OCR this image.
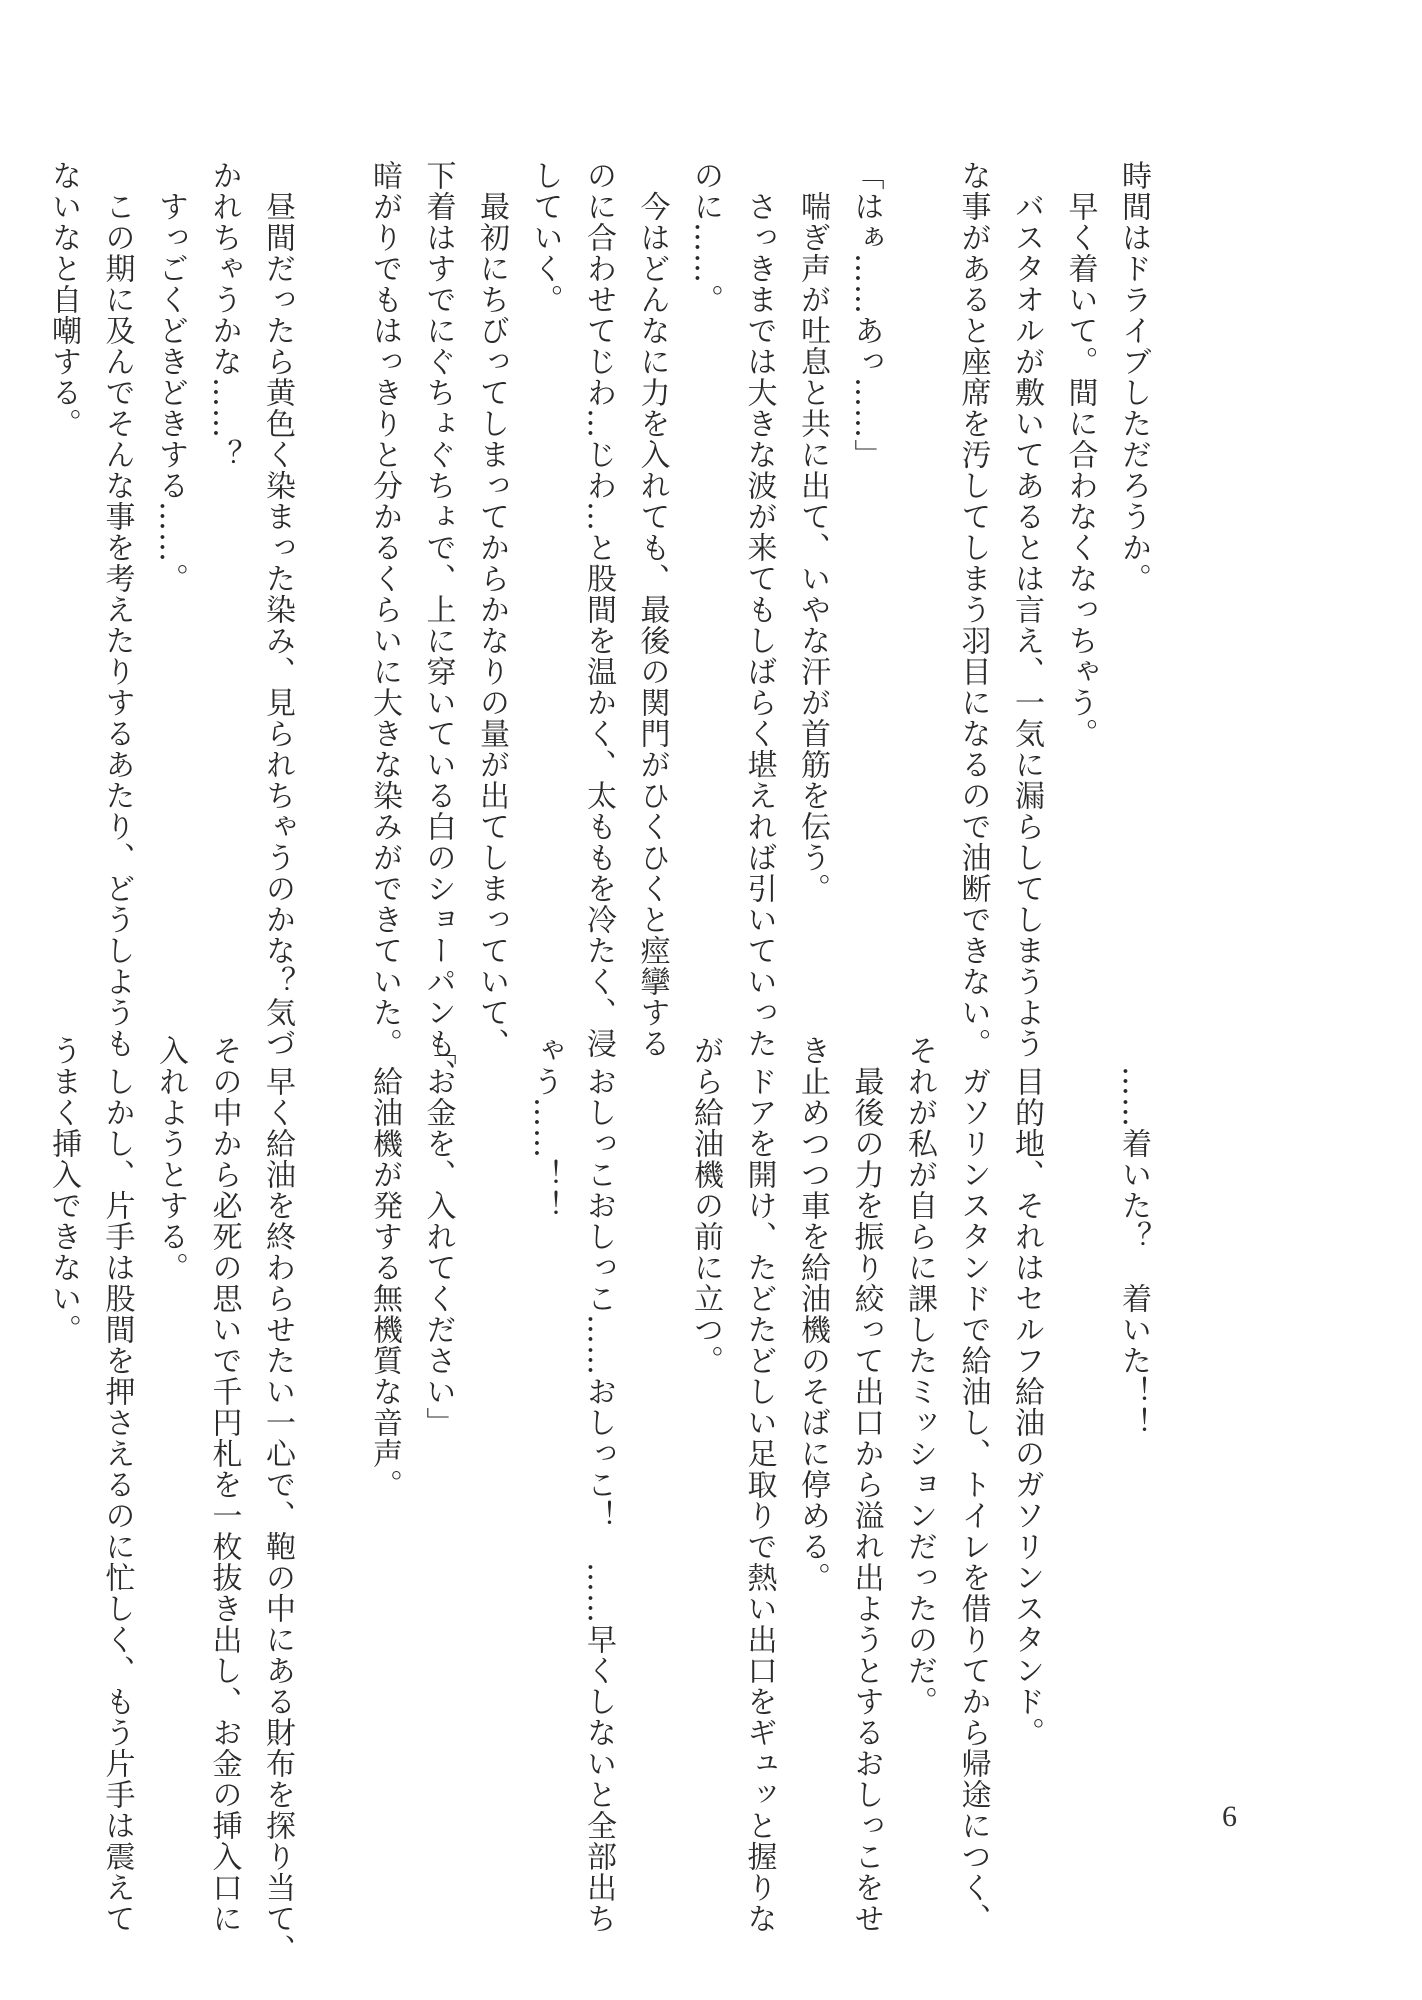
時間はドライブしただろうか。
　早く着いて。間に合わなくなっちゃう。
　バスタオルが敷いてあるとは言え、一気に漏らしてしまうよう
な事があると座席を汚してしまう羽目になるので油断できない。

「はぁ……あっ……」
　喘ぎ声が吐息と共に出て、いやな汗が首筋を伝う。
　さっきまでは大きな波が来てもしばらく堪えれば引いていった
のに……。
　今はどんなに力を入れても、最後の関門がひくひくと痙攣する
のに合わせてじわ…じわ…と股間を温かく、太ももを冷たく、浸
していく。
　最初にちびってしまってからかなりの量が出てしまっていて、
下着はすでにぐちょぐちょで、上に穿いている白のショーパンも、
暗がりでもはっきりと分かるくらいに大きな染みができていた。

　昼間だったら黄色く染まった染み、見られちゃうのかな？気づ
かれちゃうかな……？
　すっごくどきどきする……。
　この期に及んでそんな事を考えたりするあたり、どうしようも
ないなと自嘲する。

　……着いた？　着いた！！

　目的地、それはセルフ給油のガソリンスタンド。
　ガソリンスタンドで給油し、トイレを借りてから帰途につく、
それが私が自らに課したミッションだったのだ。
　最後の力を振り絞って出口から溢れ出ようとするおしっこをせ
き止めつつ車を給油機のそばに停める。
　ドアを開け、たどたどしい足取りで熱い出口をギュッと握りな
がら給油機の前に立つ。

　おしっこおしっこ……おしっこ！　……早くしないと全部出ち
ゃう……！！

「お金を、入れてください」
　給油機が発する無機質な音声。

　早く給油を終わらせたい一心で、鞄の中にある財布を探り当て、
その中から必死の思いで千円札を一枚抜き出し、お金の挿入口に
入れようとする。
　しかし、片手は股間を押さえるのに忙しく、もう片手は震えて
うまく挿入できない。

6
